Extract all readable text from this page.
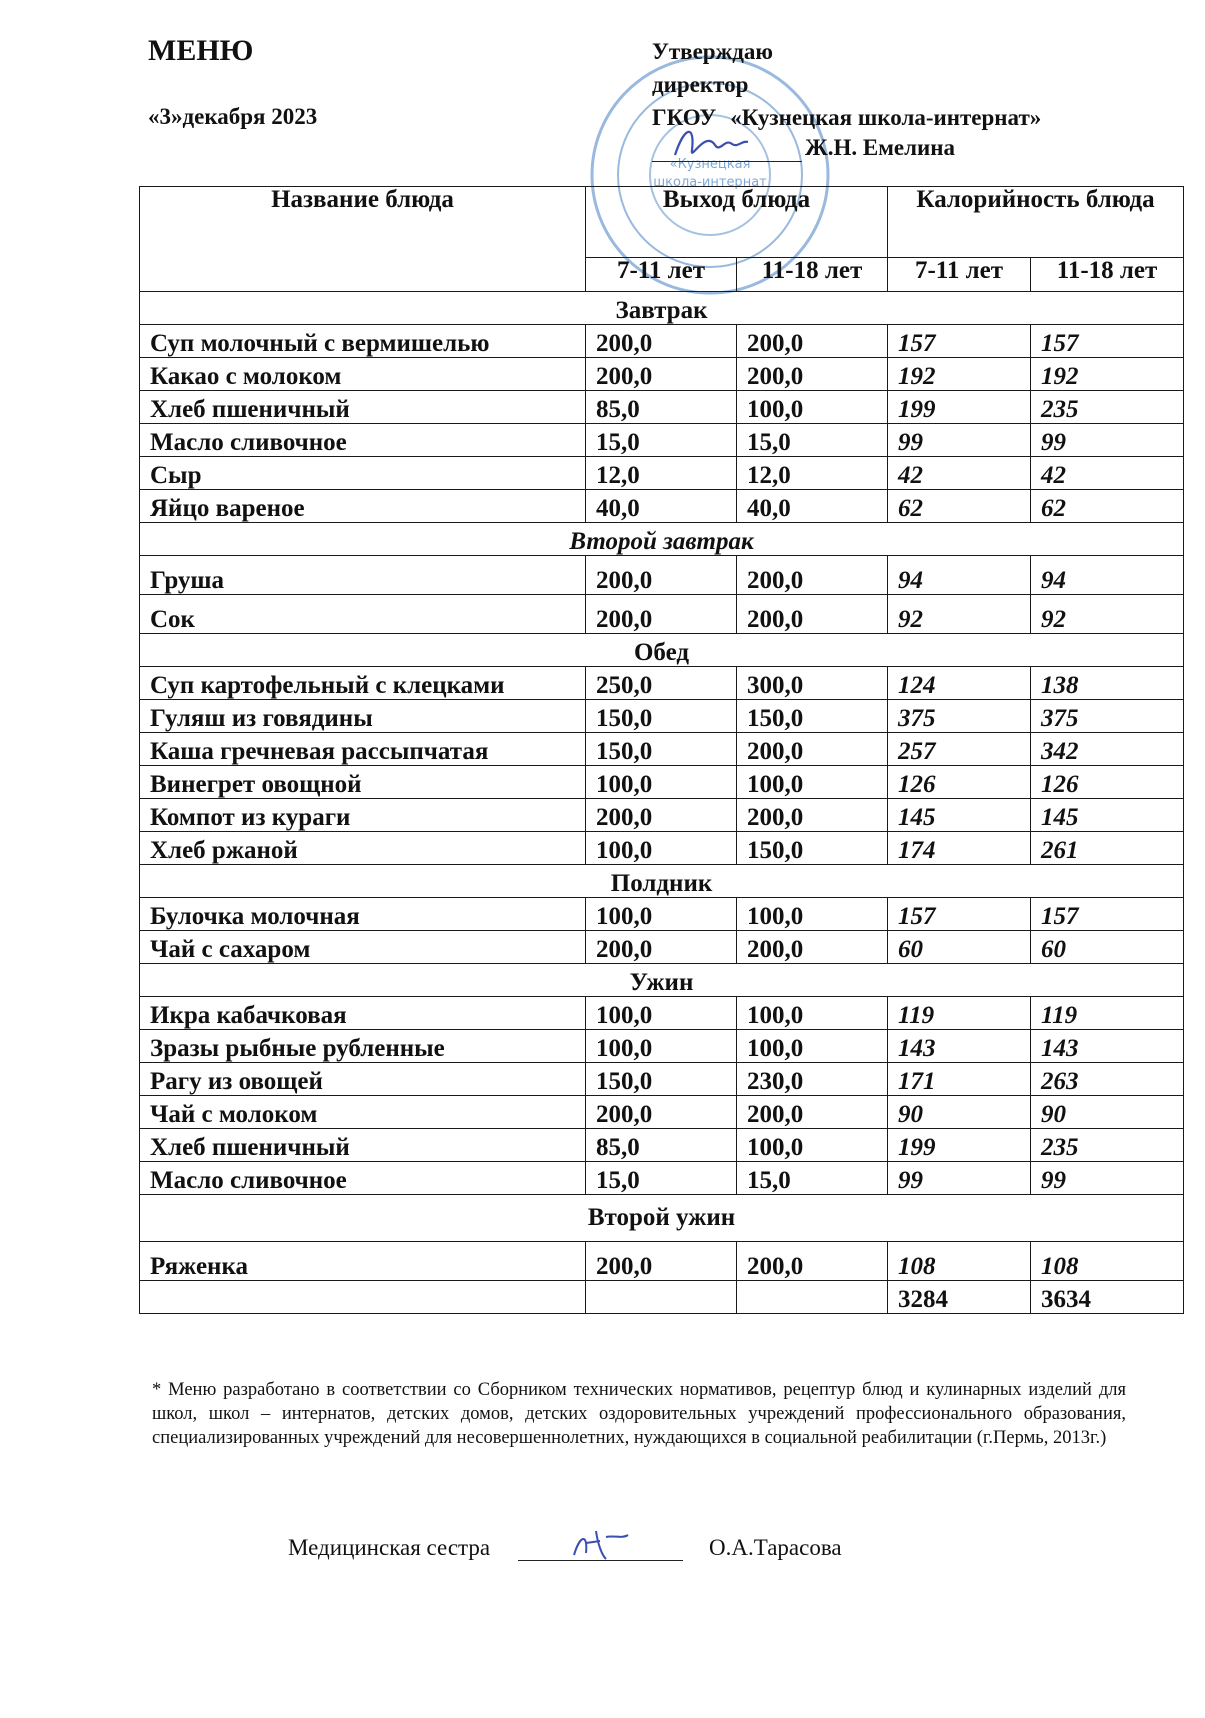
МЕНЮ
«3»декабря 2023
«Кузнецкая
школа-интернат
Утверждаю
директор
ГКОУ «Кузнецкая школа-интернат»
Ж.Н. Емелина
Название блюда	Выход блюда		Калорийность блюда	
	7-11 лет	11-18 лет	7-11 лет	11-18 лет
Завтрак				
Суп молочный с вермишелью	200,0	200,0	157	157
Какао с молоком	200,0	200,0	192	192
Хлеб пшеничный	85,0	100,0	199	235
Масло сливочное	15,0	15,0	99	99
Сыр	12,0	12,0	42	42
Яйцо вареное	40,0	40,0	62	62
Второй завтрак				
Груша	200,0	200,0	94	94
Сок	200,0	200,0	92	92
Обед				
Суп картофельный с клецками	250,0	300,0	124	138
Гуляш из говядины	150,0	150,0	375	375
Каша гречневая рассыпчатая	150,0	200,0	257	342
Винегрет овощной	100,0	100,0	126	126
Компот из кураги	200,0	200,0	145	145
Хлеб ржаной	100,0	150,0	174	261
Полдник				
Булочка молочная	100,0	100,0	157	157
Чай с сахаром	200,0	200,0	60	60
Ужин				
Икра кабачковая	100,0	100,0	119	119
Зразы рыбные рубленные	100,0	100,0	143	143
Рагу из овощей	150,0	230,0	171	263
Чай с молоком	200,0	200,0	90	90
Хлеб пшеничный	85,0	100,0	199	235
Масло сливочное	15,0	15,0	99	99
Второй ужин				
Ряженка	200,0	200,0	108	108
			3284	3634
* Меню разработано в соответствии со Сборником технических нормативов, рецептур блюд и кулинарных изделий для школ, школ – интернатов, детских домов, детских оздоровительных учреждений профессионального образования, специализированных учреждений для несовершеннолетних, нуждающихся в социальной реабилитации (г.Пермь, 2013г.)
Медицинская сестра	О.А.Тарасова
